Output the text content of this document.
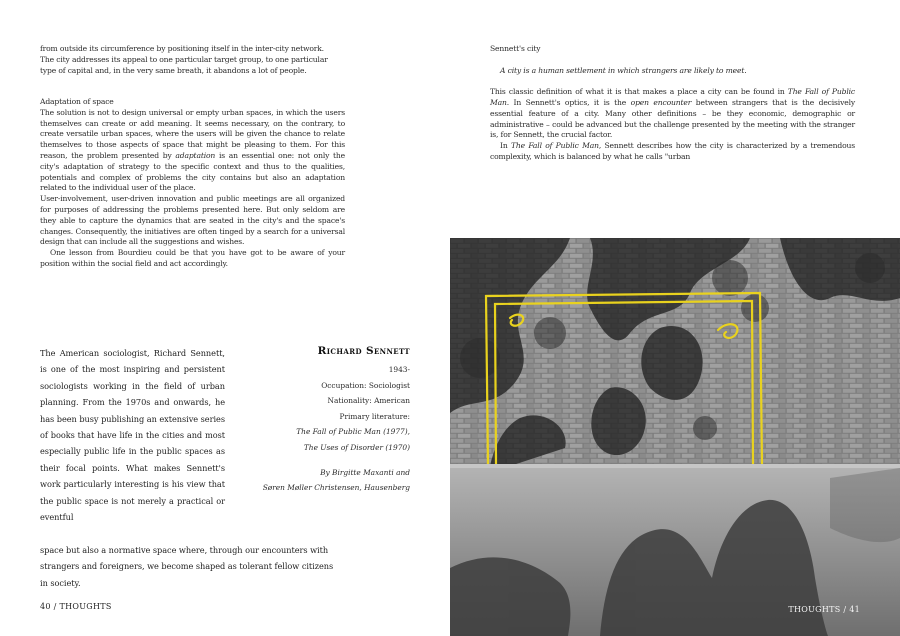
from outside its circumference by positioning itself in the inter-city network.

The city addresses its appeal to one particular target group, to one particular

type of capital and, in the very same breath, it abandons a lot of people.

Adaptation of space

The solution is not to design universal or empty urban spaces, in which the users themselves can create or add meaning. It seems necessary, on the contrary, to create versatile urban spaces, where the users will be given the chance to relate themselves to those aspects of space that might be pleasing to them. For this reason, the problem presented by adaptation is an essential one: not only the city's adaptation of strategy to the specific context and thus to the qualities, potentials and complex of problems the city contains but also an adaptation related to the individual user of the place.

User-involvement, user-driven innovation and public meetings are all organized for purposes of addressing the problems presented here. But only seldom are they able to capture the dynamics that are seated in the city's and the space's changes. Consequently, the initiatives are often tinged by a search for a universal design that can include all the suggestions and wishes.

One lesson from Bourdieu could be that you have got to be aware of your position within the social field and act accordingly.

The American sociologist, Richard Sennett, is one of the most inspiring and persistent sociologists working in the field of urban planning. From the 1970s and onwards, he has been busy publishing an extensive series of books that have life in the cities and most especially public life in the public spaces as their focal points. What makes Sennett's work particularly interesting is his view that the public space is not merely a practical or eventful
space but also a normative space where, through our encounters with strangers and foreigners, we become shaped as tolerant fellow citizens in society.
Richard Sennett
1943-
Occupation: Sociologist
Nationality: American
Primary literature:
The Fall of Public Man (1977),
The Uses of Disorder (1970)
By Birgitte Maxanti and
Søren Møller Christensen, Hausenberg
40 / THOUGHTS

Sennett's city

A city is a human settlement in which strangers are likely to meet.

This classic definition of what it is that makes a place a city can be found in The Fall of Public Man. In Sennett's optics, it is the open encounter between strangers that is the decisively essential feature of a city. Many other definitions – be they economic, demographic or administrative – could be advanced but the challenge presented by the meeting with the stranger is, for Sennett, the crucial factor.

In The Fall of Public Man, Sennett describes how the city is characterized by a tremendous complexity, which is balanced by what he calls "urban

THOUGHTS / 41
